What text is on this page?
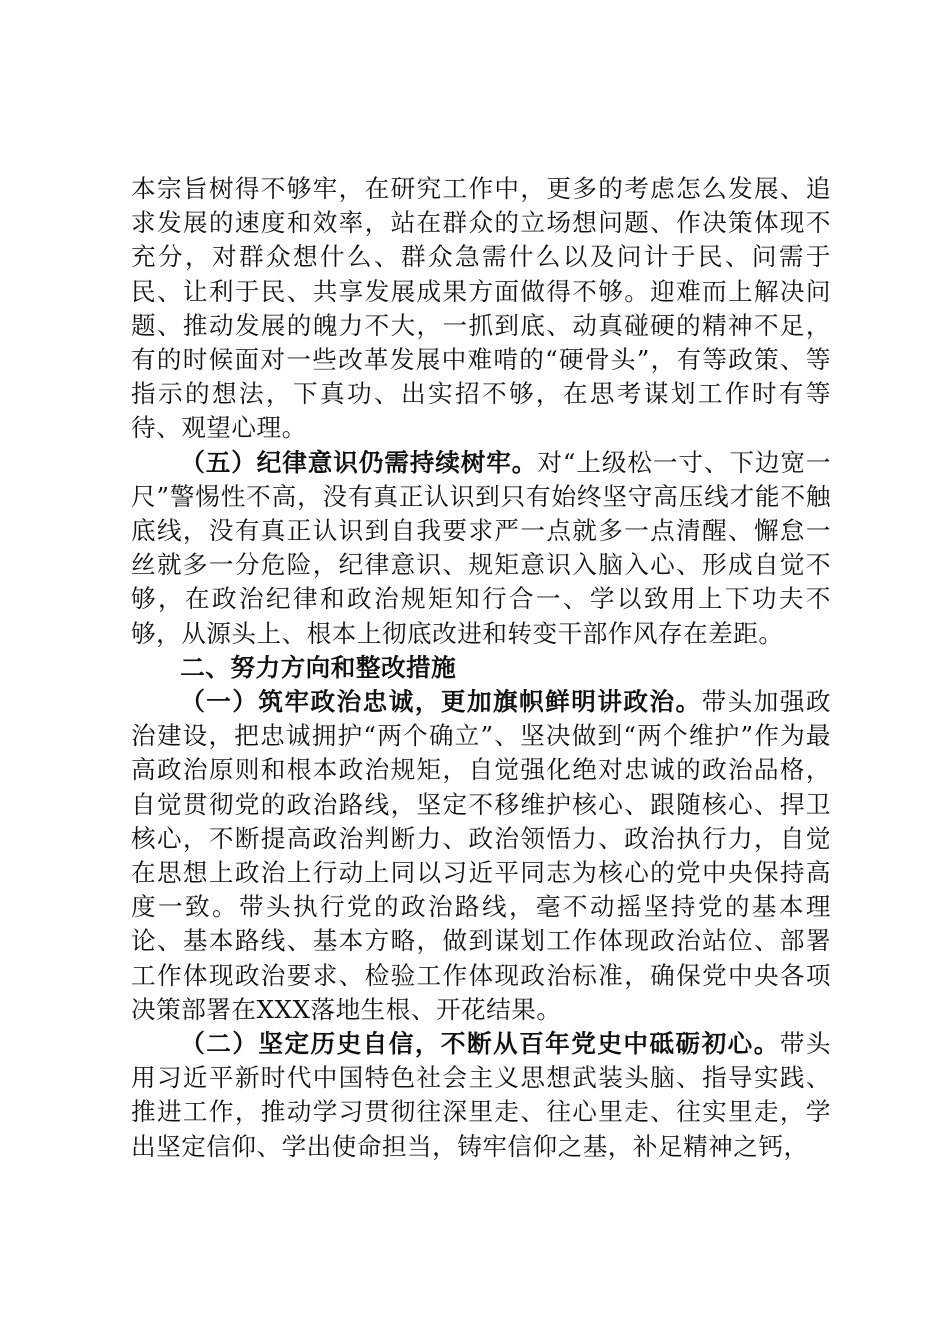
本宗旨树得不够牢，在研究工作中，更多的考虑怎么发展、追求发展的速度和效率，站在群众的立场想问题、作决策体现不充分，对群众想什么、群众急需什么以及问计于民、问需于民、让利于民、共享发展成果方面做得不够。迎难而上解决问题、推动发展的魄力不大，一抓到底、动真碰硬的精神不足，有的时候面对一些改革发展中难啃的“硬骨头”，有等政策、等指示的想法，下真功、出实招不够，在思考谋划工作时有等待、观望心理。

（五）纪律意识仍需持续树牢。对“上级松一寸、下边宽一尺”警惕性不高，没有真正认识到只有始终坚守高压线才能不触底线，没有真正认识到自我要求严一点就多一点清醒、懈怠一丝就多一分危险，纪律意识、规矩意识入脑入心、形成自觉不够，在政治纪律和政治规矩知行合一、学以致用上下功夫不够，从源头上、根本上彻底改进和转变干部作风存在差距。

二、努力方向和整改措施

（一）筑牢政治忠诚，更加旗帜鲜明讲政治。带头加强政治建设，把忠诚拥护“两个确立”、坚决做到“两个维护”作为最高政治原则和根本政治规矩，自觉强化绝对忠诚的政治品格，自觉贯彻党的政治路线，坚定不移维护核心、跟随核心、捍卫核心，不断提高政治判断力、政治领悟力、政治执行力，自觉在思想上政治上行动上同以习近平同志为核心的党中央保持高度一致。带头执行党的政治路线，毫不动摇坚持党的基本理论、基本路线、基本方略，做到谋划工作体现政治站位、部署工作体现政治要求、检验工作体现政治标准，确保党中央各项决策部署在XXX落地生根、开花结果。

（二）坚定历史自信，不断从百年党史中砥砺初心。带头用习近平新时代中国特色社会主义思想武装头脑、指导实践、推进工作，推动学习贯彻往深里走、往心里走、往实里走，学出坚定信仰、学出使命担当，铸牢信仰之基，补足精神之钙，
